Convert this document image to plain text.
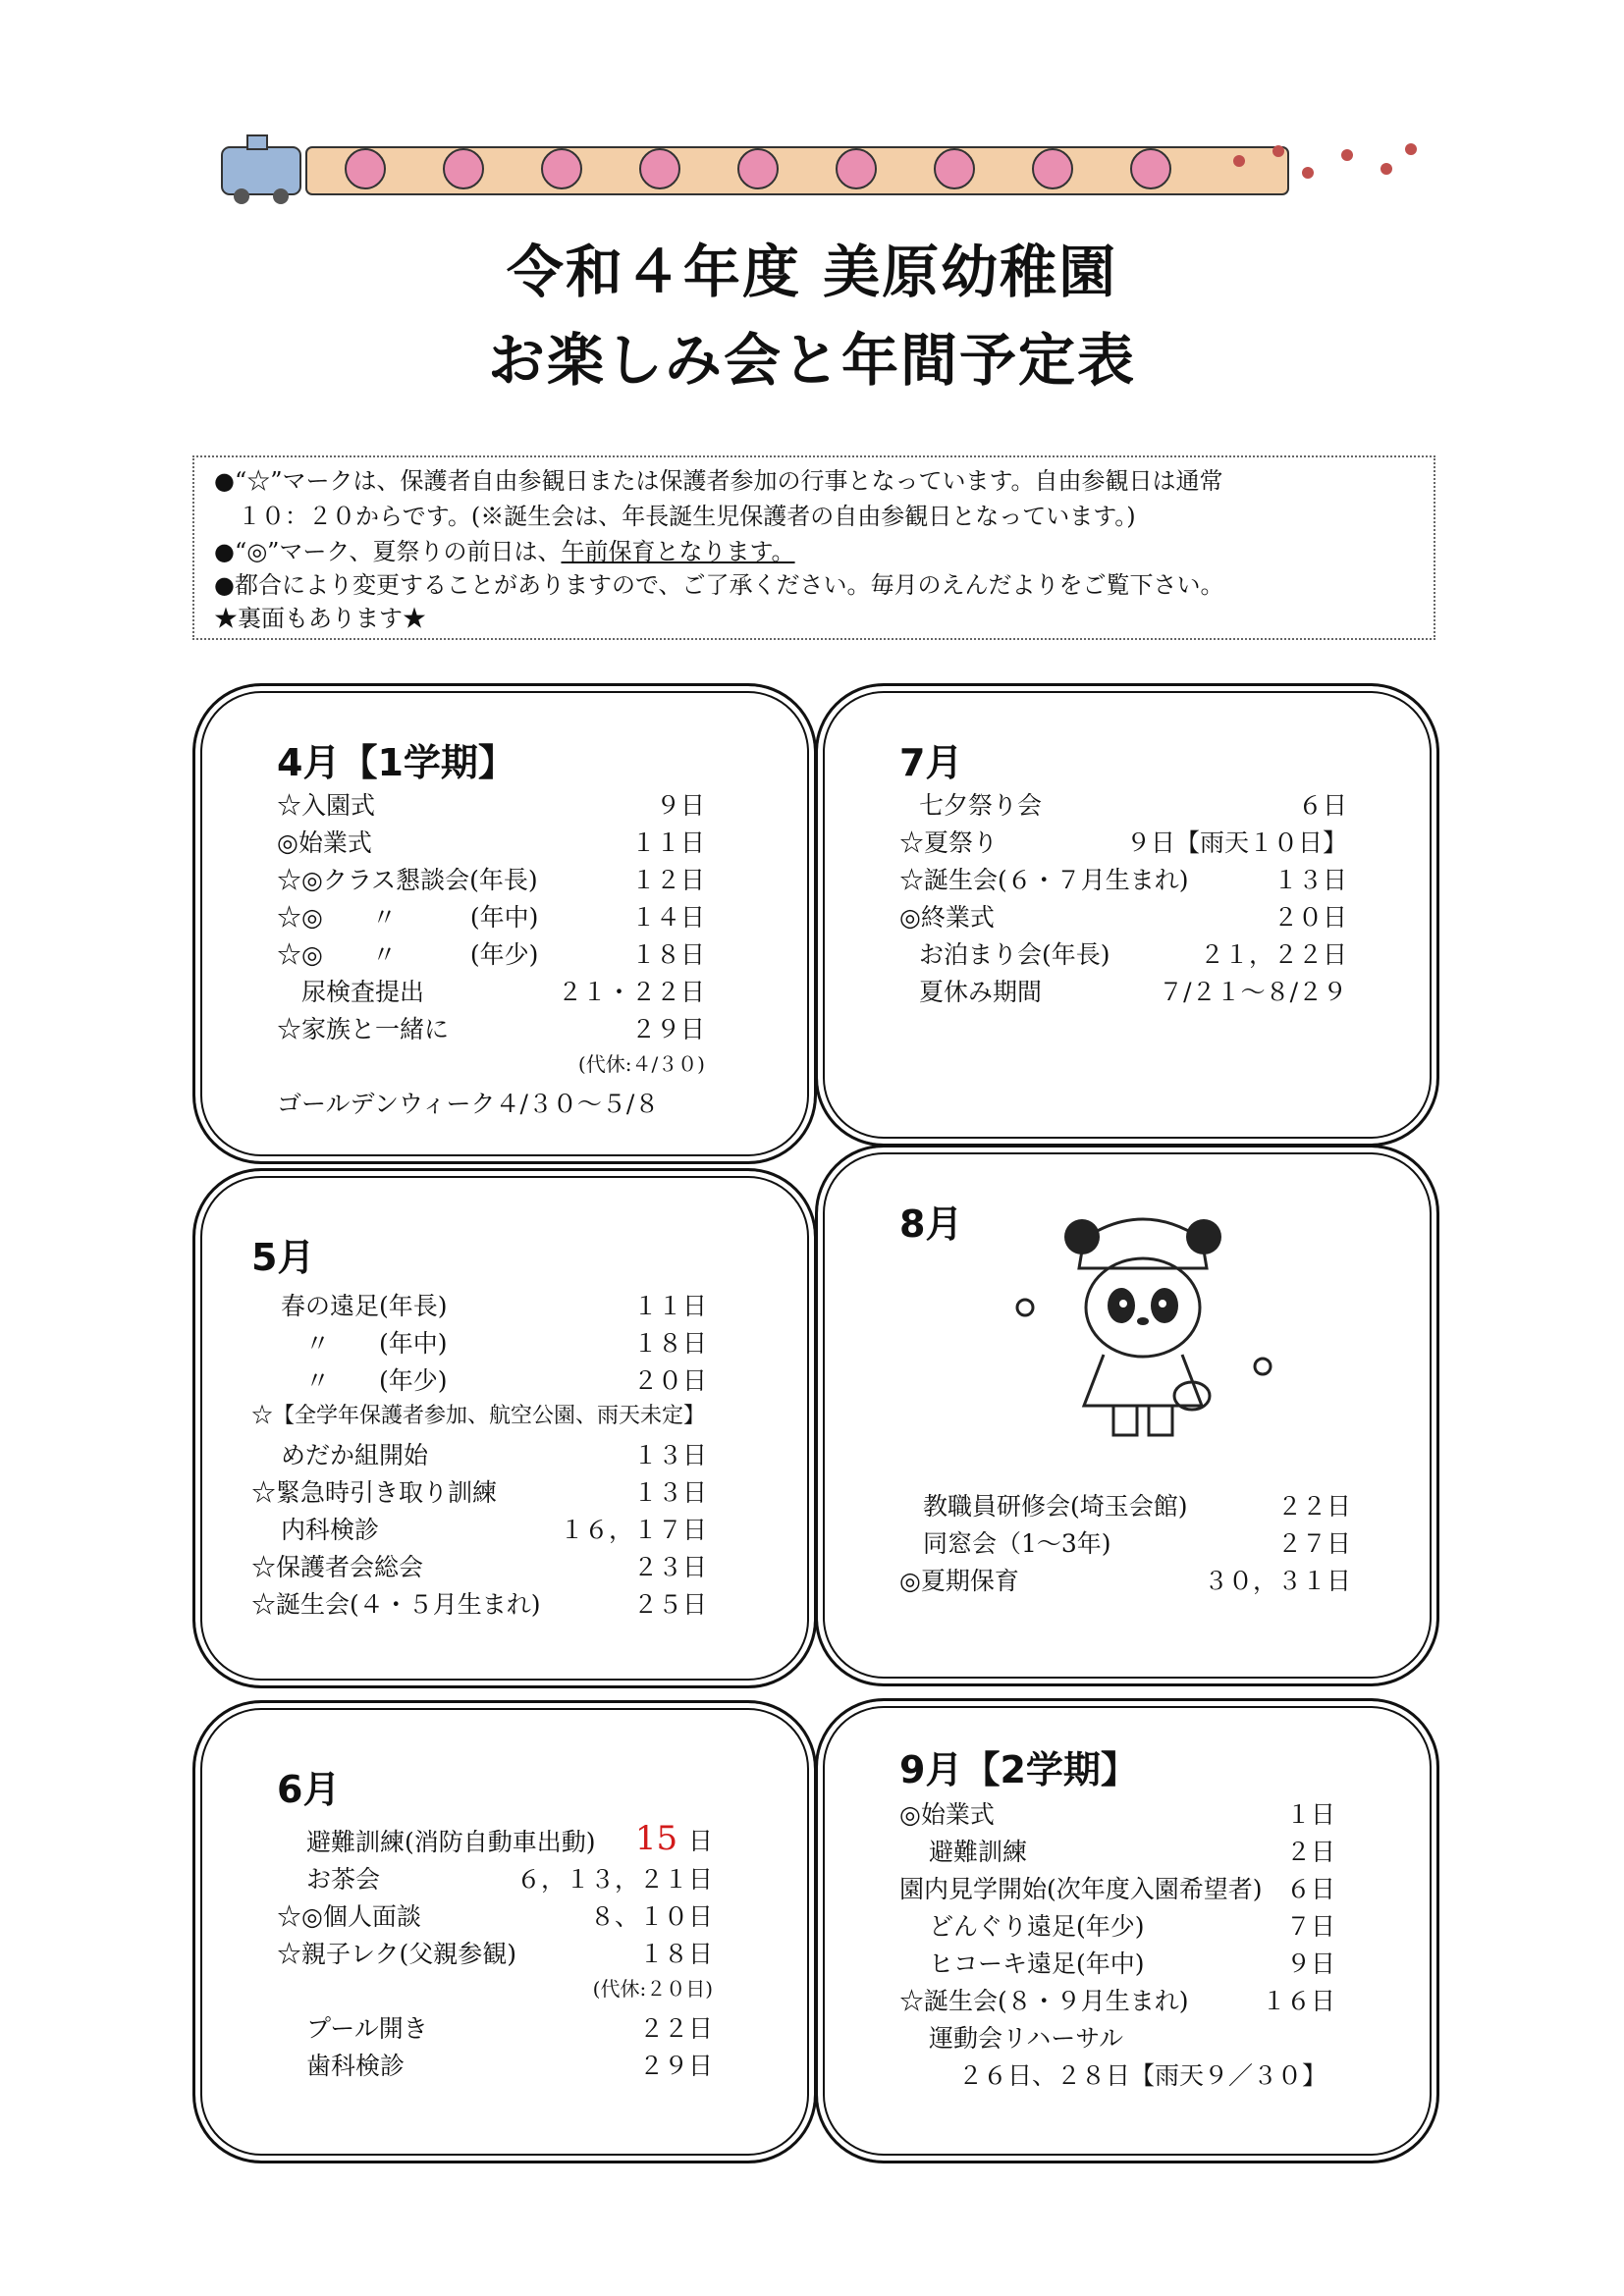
令和４年度 美原幼稚園
お楽しみ会と年間予定表
●“☆”マークは、保護者自由参観日または保護者参加の行事となっています。自由参観日は通常
　１０：２０からです。(※誕生会は、年長誕生児保護者の自由参観日となっています。)
●“◎”マーク、夏祭りの前日は、午前保育となります。
●都合により変更することがありますので、ご了承ください。毎月のえんだよりをご覧下さい。
★裏面もあります★
4月【1学期】
☆入園式	９日
◎始業式	１１日
☆◎クラス懇談会(年長)	１２日
☆◎　　〃　　　(年中)	１４日
☆◎　　〃　　　(年少)	１８日
　尿検査提出	２１・２２日
☆家族と一緒に	２９日
(代休:４/３０)
ゴールデンウィーク４/３０～５/８
7月
七夕祭り会	６日
☆夏祭り	９日【雨天１０日】
☆誕生会(６・７月生まれ)	１３日
◎終業式	２０日
お泊まり会(年長)	２１，２２日
夏休み期間	７/２１～８/２９
5月
春の遠足(年長)	１１日
　〃　　(年中)	１８日
　〃　　(年少)	２０日
☆【全学年保護者参加、航空公園、雨天未定】
めだか組開始	１３日
☆緊急時引き取り訓練	１３日
内科検診	１６，１７日
☆保護者会総会	２３日
☆誕生会(４・５月生まれ)	２５日
8月
教職員研修会(埼玉会館)	２２日
同窓会（1～3年)	２７日
◎夏期保育	３０，３１日
6月
避難訓練(消防自動車出動) 15 日
お茶会	６，１３，２１日
☆◎個人面談	８、１０日
☆親子レク(父親参観)	１８日
(代休:２０日)
プール開き	２２日
歯科検診	２９日
9月【2学期】
◎始業式	１日
避難訓練	２日
園内見学開始(次年度入園希望者) ６日
どんぐり遠足(年少)	７日
ヒコーキ遠足(年中)	９日
☆誕生会(８・９月生まれ)	１６日
運動会リハーサル
２６日、２８日【雨天９／３０】
